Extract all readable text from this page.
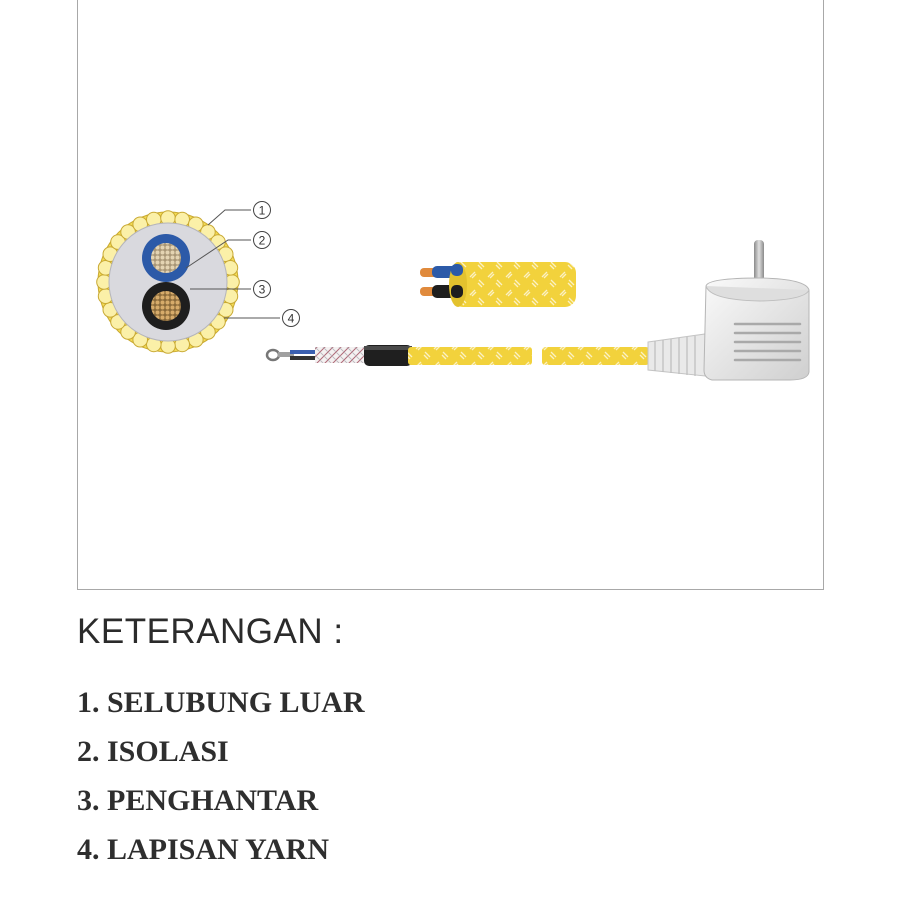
1
2
3
4
KETERANGAN :
1. SELUBUNG LUAR
2. ISOLASI
3. PENGHANTAR
4. LAPISAN YARN
